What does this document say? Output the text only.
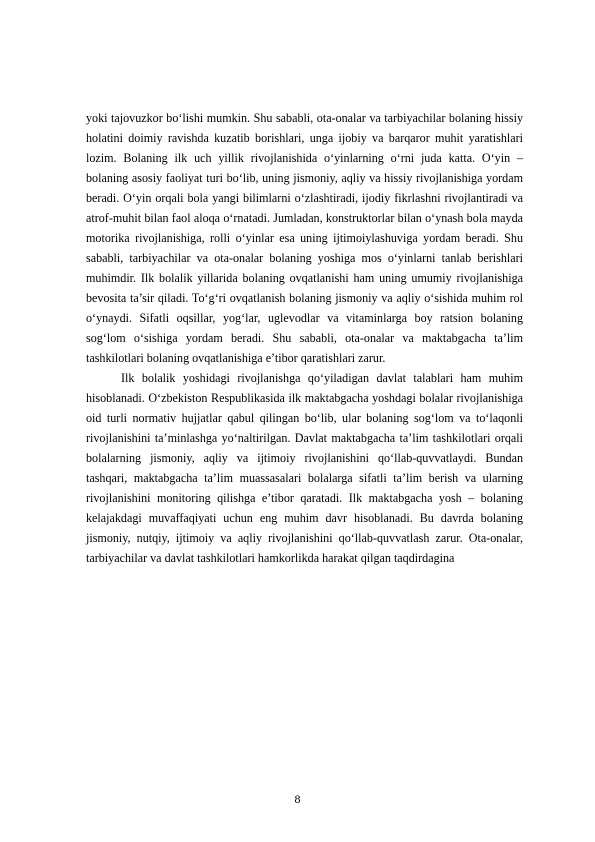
yoki tajovuzkor bo‘lishi mumkin. Shu sababli, ota-onalar va tarbiyachilar bolaning hissiy holatini doimiy ravishda kuzatib borishlari, unga ijobiy va barqaror muhit yaratishlari lozim. Bolaning ilk uch yillik rivojlanishida o‘yinlarning o‘rni juda katta. O‘yin – bolaning asosiy faoliyat turi bo‘lib, uning jismoniy, aqliy va hissiy rivojlanishiga yordam beradi. O‘yin orqali bola yangi bilimlarni o‘zlashtiradi, ijodiy fikrlashni rivojlantiradi va atrof-muhit bilan faol aloqa o‘rnatadi. Jumladan, konstruktorlar bilan o‘ynash bola mayda motorika rivojlanishiga, rolli o‘yinlar esa uning ijtimoiylashuviga yordam beradi. Shu sababli, tarbiyachilar va ota-onalar bolaning yoshiga mos o‘yinlarni tanlab berishlari muhimdir. Ilk bolalik yillarida bolaning ovqatlanishi ham uning umumiy rivojlanishiga bevosita ta’sir qiladi. To‘g‘ri ovqatlanish bolaning jismoniy va aqliy o‘sishida muhim rol o‘ynaydi. Sifatli oqsillar, yog‘lar, uglevodlar va vitaminlarga boy ratsion bolaning sog‘lom o‘sishiga yordam beradi. Shu sababli, ota-onalar va maktabgacha ta’lim tashkilotlari bolaning ovqatlanishiga e’tibor qaratishlari zarur.

Ilk bolalik yoshidagi rivojlanishga qo‘yiladigan davlat talablari ham muhim hisoblanadi. O‘zbekiston Respublikasida ilk maktabgacha yoshdagi bolalar rivojlanishiga oid turli normativ hujjatlar qabul qilingan bo‘lib, ular bolaning sog‘lom va to‘laqonli rivojlanishini ta’minlashga yo‘naltirilgan. Davlat maktabgacha ta’lim tashkilotlari orqali bolalarning jismoniy, aqliy va ijtimoiy rivojlanishini qo‘llab-quvvatlaydi. Bundan tashqari, maktabgacha ta’lim muassasalari bolalarga sifatli ta’lim berish va ularning rivojlanishini monitoring qilishga e’tibor qaratadi. Ilk maktabgacha yosh – bolaning kelajakdagi muvaffaqiyati uchun eng muhim davr hisoblanadi. Bu davrda bolaning jismoniy, nutqiy, ijtimoiy va aqliy rivojlanishini qo‘llab-quvvatlash zarur. Ota-onalar, tarbiyachilar va davlat tashkilotlari hamkorlikda harakat qilgan taqdirdagina

8
